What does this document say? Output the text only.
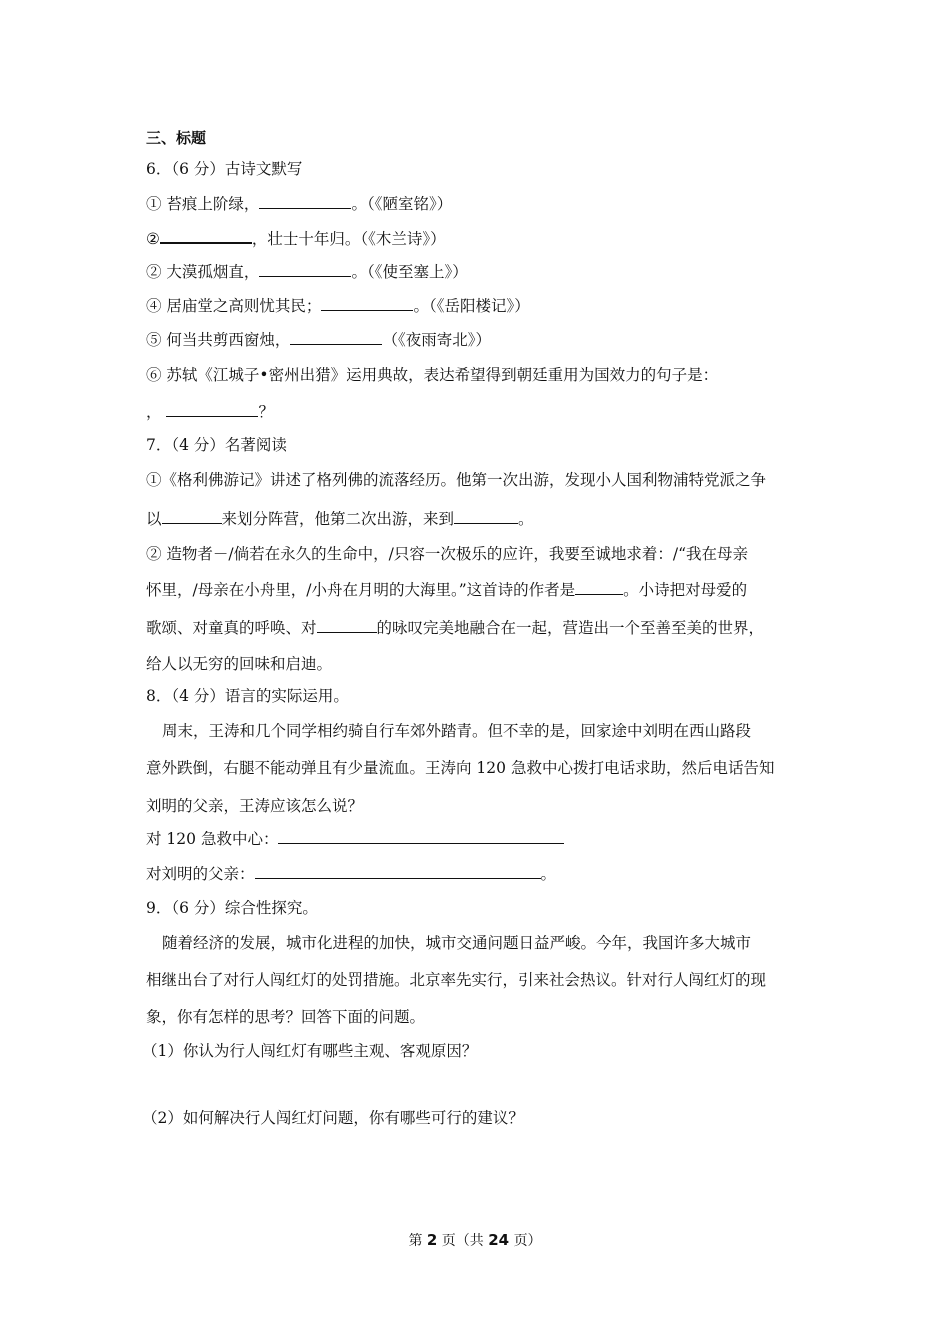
三、标题
6．（6 分）古诗文默写
① 苔痕上阶绿，	。（《陋室铭》）
②	，壮士十年归。（《木兰诗》）
② 大漠孤烟直，	。（《使至塞上》）
④ 居庙堂之高则忧其民；	。（《岳阳楼记》）
⑤ 何当共剪西窗烛，	（《夜雨寄北》）
⑥ 苏轼《江城子•密州出猎》运用典故，表达希望得到朝廷重用为国效力的句子是：
，	？
7．（4 分）名著阅读
①《格利佛游记》讲述了格列佛的流落经历。他第一次出游，发现小人国利物浦特党派之争
以	来划分阵营，他第二次出游，来到	。
② 造物者－/倘若在永久的生命中，/只容一次极乐的应许，我要至诚地求着：/“我在母亲
怀里，/母亲在小舟里，/小舟在月明的大海里。”这首诗的作者是	。小诗把对母爱的
歌颂、对童真的呼唤、对	的咏叹完美地融合在一起，营造出一个至善至美的世界，
给人以无穷的回味和启迪。
8．（4 分）语言的实际运用。
周末，王涛和几个同学相约骑自行车郊外踏青。但不幸的是，回家途中刘明在西山路段
意外跌倒，右腿不能动弹且有少量流血。王涛向 120 急救中心拨打电话求助，然后电话告知
刘明的父亲，王涛应该怎么说？
对 120 急救中心：
对刘明的父亲：	。
9．（6 分）综合性探究。
随着经济的发展，城市化进程的加快，城市交通问题日益严峻。今年，我国许多大城市
相继出台了对行人闯红灯的处罚措施。北京率先实行，引来社会热议。针对行人闯红灯的现
象，你有怎样的思考？回答下面的问题。
（1）你认为行人闯红灯有哪些主观、客观原因？
（2）如何解决行人闯红灯问题，你有哪些可行的建议？
第 2 页（共 24 页）
